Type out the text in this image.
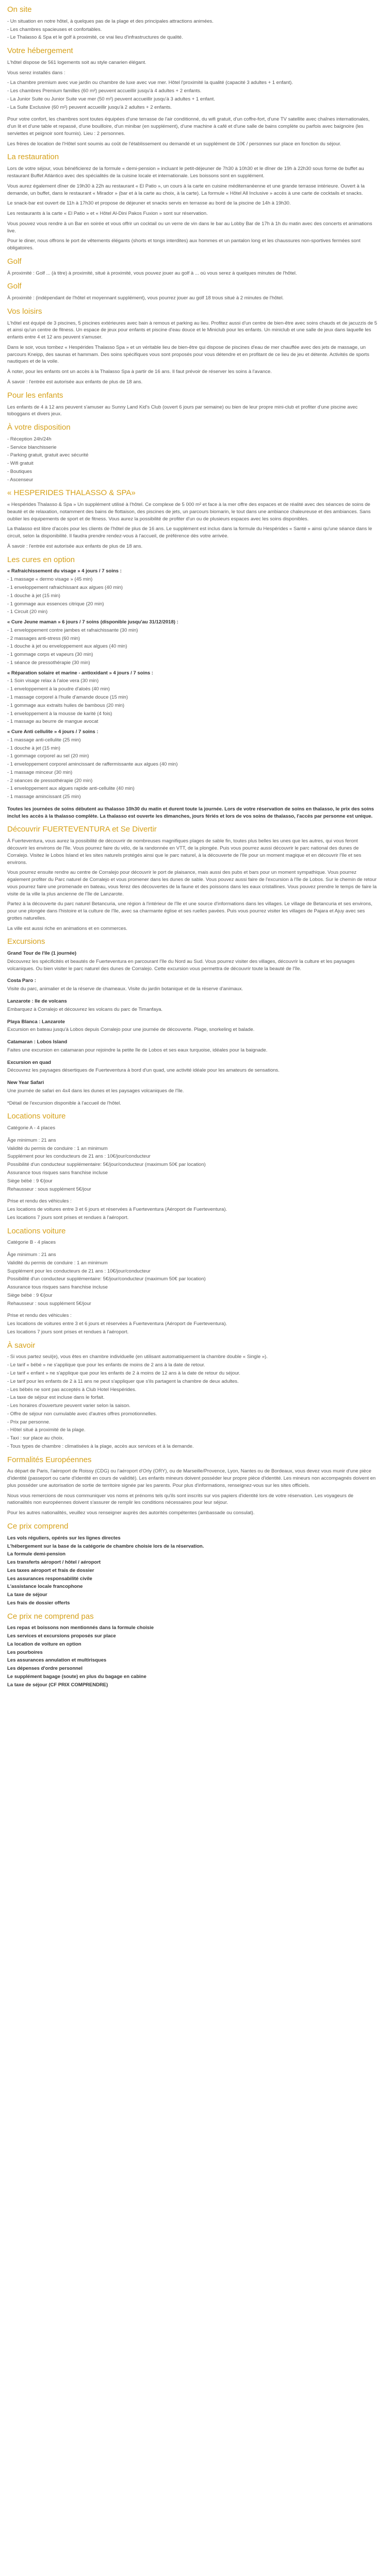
On site
- Un situation en notre hôtel, à quelques pas de la plage et des principales attractions animées.
- Les chambres spacieuses et confortables.
- Le Thalasso & Spa et le golf à proximité, ce vrai lieu d'infrastructures de qualité.
Votre hébergement

L'hôtel dispose de 561 logements soit au style canarien élégant.

Vous serez installés dans :

- La chambre premium avec vue jardin ou chambre de luxe avec vue mer. Hôtel l'proximité la qualité (capacité 3 adultes + 1 enfant).
- Les chambres Premium familles (60 m²) peuvent accueillir jusqu'à 4 adultes + 2 enfants.
- La Junior Suite ou Junior Suite vue mer (50 m²) peuvent accueillir jusqu'à 3 adultes + 1 enfant.
- La Suite Exclusive (60 m²) peuvent accueillir jusqu'à 2 adultes + 2 enfants.

Pour votre confort, les chambres sont toutes équipées d'une terrasse de l'air conditionné, du wifi gratuit, d'un coffre-fort, d'une TV satellite avec chaînes internationales, d'un lit et d'une table et repassé, d'une bouilloire, d'un minibar (en supplément), d'une machine à café et d'une salle de bains complète ou parfois avec baignoire (les serviettes et peignoir sont fournis). Lieu : 2 personnes.

Les frères de location de l'Hôtel sont soumis au coût de l'établissement ou demandé et un supplément de 10€ / personnes sur place en fonction du séjour.

La restauration

Lors de votre séjour, vous bénéficierez de la formule « demi-pension » incluant le petit-déjeuner de 7h30 à 10h30 et le dîner de 19h à 22h30 sous forme de buffet au restaurant Buffet Atlántico avec des spécialités de la cuisine locale et internationale. Les boissons sont en supplément.

Vous aurez également dîner de 19h30 à 22h au restaurant « El Patio », un cours à la carte en cuisine méditerranéenne et une grande terrasse intérieure. Ouvert à la demande, un buffet, dans le restaurant « Mirador » (bar et à la carte au choix, à la carte). La formule « Hôtel All Inclusive » accès à une carte de cocktails et snacks.

Le snack-bar est ouvert de 11h à 17h30 et propose de déjeuner et snacks servis en terrasse au bord de la piscine de 14h à 19h30.

Les restaurants à la carte « El Patio » et « Hôtel Al-Dini Pakos Fuxion » sont sur réservation.

Vous pouvez vous rendre à un Bar en soirée et vous offrir un cocktail ou un verre de vin dans le bar au Lobby Bar de 17h à 1h du matin avec des concerts et animations live.

Pour le diner, nous offrons le port de vêtements élégants (shorts et tongs interdites) aux hommes et un pantalon long et les chaussures non-sportives fermées sont obligatoires.

Golf

À proximité : Golf ... (à titre) à proximité, situé à proximité, vous pouvez jouer au golf à ... où vous serez à quelques minutes de l'hôtel.

Golf

À proximité : (indépendant de l'hôtel et moyennant supplément), vous pourrez jouer au golf 18 trous situé à 2 minutes de l'hôtel.

Vos loisirs

L'hôtel est équipé de 3 piscines, 5 piscines extérieures avec bain à remous et parking au lieu. Profitez aussi d'un centre de bien-être avec soins chauds et de jacuzzis de 5 et ainsi qu'un centre de fitness. Un espace de jeux pour enfants et piscine d'eau douce et le Miniclub pour les enfants. Un miniclub et une salle de jeux dans laquelle les enfants entre 4 et 12 ans peuvent s'amuser.

Dans le soir, vous tombez « Hespérides Thalasso Spa » et un véritable lieu de bien-être qui dispose de piscines d'eau de mer chauffée avec des jets de massage, un parcours Kneipp, des saunas et hammam. Des soins spécifiques vous sont proposés pour vous détendre et en profitant de ce lieu de jeu et détente. Activités de sports nautiques et de la voile.

À noter, pour les enfants ont un accès à la Thalasso Spa à partir de 16 ans. Il faut prévoir de réserver les soins à l'avance.

À savoir : l'entrée est autorisée aux enfants de plus de 18 ans.

Pour les enfants

Les enfants de 4 à 12 ans peuvent s'amuser au Sunny Land Kid's Club (ouvert 6 jours par semaine) ou bien de leur propre mini-club et profiter d'une piscine avec toboggans et divers jeux.

À votre disposition
- Réception 24h/24h
- Service blanchisserie
- Parking gratuit, gratuit avec sécurité
- Wifi gratuit
- Boutiques
- Ascenseur
« HESPERIDES THALASSO & SPA»

« Hespérides Thalasso & Spa » Un supplément utilisé à l'hôtel. Ce complexe de 5 000 m² et face à la mer offre des espaces et de réalité avec des séances de soins de beauté et de relaxation, notamment des bains de flottaison, des piscines de jets, un parcours biomarin, le tout dans une ambiance chaleureuse et des ambiances. Sans oublier les équipements de sport et de fitness. Vous aurez la possibilité de profiter d'un ou de plusieurs espaces avec les soins disponibles.

La thalasso est libre d'accès pour les clients de l'hôtel de plus de 16 ans. Le supplément est inclus dans la formule du Hespérides « Santé » ainsi qu'une séance dans le circuit, selon la disponibilité. Il faudra prendre rendez-vous à l'accueil, de préférence dès votre arrivée.

À savoir : l'entrée est autorisée aux enfants de plus de 18 ans.

Les cures en option
« Rafraichissement du visage » 4 jours / 7 soins :
- 1 massage « dermo visage » (45 min)
- 1 enveloppement rafraichissant aux algues (40 min)
- 1 douche à jet (15 min)
- 1 gommage aux essences citrique (20 min)
- 1 Circuit (20 min)
« Cure Jeune maman » 6 jours / 7 soins (disponible jusqu'au 31/12/2018) :
- 1 enveloppement contre jambes et rafraichissante (30 min)
- 2 massages anti-stress (60 min)
- 1 douche à jet ou enveloppement aux algues (40 min)
- 1 gommage corps et vapeurs (30 min)
- 1 séance de pressothérapie (30 min)
« Réparation solaire et marine - antioxidant » 4 jours / 7 soins :
- 1 Soin visage relax à l'aloe vera (30 min)
- 1 enveloppement à la poudre d'aloès (40 min)
- 1 massage corporel à l'huile d'amande douce (15 min)
- 1 gommage aux extraits huiles de bambous (20 min)
- 1 enveloppement à la mousse de karité (4 fois)
- 1 massage au beurre de mangue avocat
« Cure Anti cellulite » 4 jours / 7 soins :
- 1 massage anti-cellulite (25 min)
- 1 douche à jet (15 min)
- 1 gommage corporel au sel (20 min)
- 1 enveloppement corporel amincissant de raffermissante aux algues (40 min)
- 1 massage minceur (30 min)
- 2 séances de pressothérapie (20 min)
- 1 enveloppement aux algues rapide anti-cellulite (40 min)
- 1 massage amincissant (25 min)

Toutes les journées de soins débutent au thalasso 10h30 du matin et durent toute la journée. Lors de votre réservation de soins en thalasso, le prix des soins inclut les accès à la thalasso complète. La thalasso est ouverte les dimanches, jours fériés et lors de vos soins de thalasso, l'accès par personne est unique.

Découvrir FUERTEVENTURA et Se Divertir

À Fuerteventura, vous aurez la possibilité de découvrir de nombreuses magnifiques plages de sable fin, toutes plus belles les unes que les autres, qui vous feront découvrir les environs de l'île. Vous pourrez faire du vélo, de la randonnée en VTT, de la plongée. Puis vous pourrez aussi découvrir le parc national des dunes de Corralejo. Visitez le Lobos Island et les sites naturels protégés ainsi que le parc naturel, à la découverte de l'île pour un moment magique et en découvrir l'île et ses environs.

Vous pourrez ensuite rendre au centre de Corralejo pour découvrir le port de plaisance, mais aussi des pubs et bars pour un moment sympathique. Vous pourrez également profiter du Parc naturel de Corralejo et vous promener dans les dunes de sable. Vous pouvez aussi faire de l'excursion à l'île de Lobos. Sur le chemin de retour vous pourrez faire une promenade en bateau, vous ferez des découvertes de la faune et des poissons dans les eaux cristallines. Vous pouvez prendre le temps de faire la visite de la ville la plus ancienne de l'île de Lanzarote.

Partez à la découverte du parc naturel Betancuria, une région à l'intérieur de l'île et une source d'informations dans les villages. Le village de Betancuria et ses environs, pour une plongée dans l'histoire et la culture de l'île, avec sa charmante église et ses ruelles pavées. Puis vous pourrez visiter les villages de Pajara et Ajuy avec ses grottes naturelles.

La ville est aussi riche en animations et en commerces.

Excursions
Grand Tour de l'île (1 journée)
Découvrez les spécificités et beautés de Fuerteventura en parcourant l'île du Nord au Sud. Vous pourrez visiter des villages, découvrir la culture et les paysages volcaniques. Ou bien visiter le parc naturel des dunes de Corralejo. Cette excursion vous permettra de découvrir toute la beauté de l'île.
Costa Paro :
Visite du parc, animalier et de la réserve de chameaux. Visite du jardin botanique et de la réserve d'animaux.
Lanzarote : Ile de volcans
Embarquez à Corralejo et découvrez les volcans du parc de Timanfaya.
Playa Blanca : Lanzarote
Excursion en bateau jusqu'à Lobos depuis Corralejo pour une journée de découverte. Plage, snorkeling et balade.
Catamaran : Lobos Island
Faites une excursion en catamaran pour rejoindre la petite île de Lobos et ses eaux turquoise, idéales pour la baignade.
Excursion en quad
Découvrez les paysages désertiques de Fuerteventura à bord d'un quad, une activité idéale pour les amateurs de sensations.
New Year Safari
Une journée de safari en 4x4 dans les dunes et les paysages volcaniques de l'île.
*Détail de l'excursion disponible à l'accueil de l'hôtel.
Locations voiture
Catégorie A - 4 places
Âge minimum : 21 ans
Validité du permis de conduire : 1 an minimum
Supplément pour les conducteurs de 21 ans : 10€/jour/conducteur
Possibilité d'un conducteur supplémentaire: 5€/jour/conducteur (maximum 50€ par location)
Assurance tous risques sans franchise incluse
Siège bébé : 9 €/jour
Rehausseur : sous supplément 5€/jour
Prise et rendu des véhicules :
Les locations de voitures entre 3 et 6 jours et réservées à Fuerteventura (Aéroport de Fuerteventura).
Les locations 7 jours sont prises et rendues à l'aéroport.
Locations voiture
Catégorie B - 4 places
Âge minimum : 21 ans
Validité du permis de conduire : 1 an minimum
Supplément pour les conducteurs de 21 ans : 10€/jour/conducteur
Possibilité d'un conducteur supplémentaire: 5€/jour/conducteur (maximum 50€ par location)
Assurance tous risques sans franchise incluse
Siège bébé : 9 €/jour
Rehausseur : sous supplément 5€/jour
Prise et rendu des véhicules :
Les locations de voitures entre 3 et 6 jours et réservées à Fuerteventura (Aéroport de Fuerteventura).
Les locations 7 jours sont prises et rendues à l'aéroport.
À savoir
- Si vous partez seul(e), vous êtes en chambre individuelle (en utilisant automatiquement la chambre double « Single »).
- Le tarif « bébé » ne s'applique que pour les enfants de moins de 2 ans à la date de retour.
- Le tarif « enfant » ne s'applique que pour les enfants de 2 à moins de 12 ans à la date de retour du séjour.
- Le tarif pour les enfants de 2 à 11 ans ne peut s'appliquer que s'ils partagent la chambre de deux adultes.
- Les bébés ne sont pas acceptés à Club Hotel Hespérides.
- La taxe de séjour est incluse dans le forfait.
- Les horaires d'ouverture peuvent varier selon la saison.
- Offre de séjour non cumulable avec d'autres offres promotionnelles.
- Prix par personne.
- Hôtel situé à proximité de la plage.
- Taxi : sur place au choix.
- Tous types de chambre : climatisées à la plage, accès aux services et à la demande.
Formalités Européennes

Au départ de Paris, l'aéroport de Roissy (CDG) ou l'aéroport d'Orly (ORY), ou de Marseille/Provence, Lyon, Nantes ou de Bordeaux, vous devez vous munir d'une pièce d'identité (passeport ou carte d'identité en cours de validité). Les enfants mineurs doivent posséder leur propre pièce d'identité. Les mineurs non accompagnés doivent en plus posséder une autorisation de sortie de territoire signée par les parents. Pour plus d'informations, renseignez-vous sur les sites officiels.

Nous vous remercions de nous communiquer vos noms et prénoms tels qu'ils sont inscrits sur vos papiers d'identité lors de votre réservation. Les voyageurs de nationalités non européennes doivent s'assurer de remplir les conditions nécessaires pour leur séjour.

Pour les autres nationalités, veuillez vous renseigner auprès des autorités compétentes (ambassade ou consulat).

Ce prix comprend
Les vols réguliers, opérés sur les lignes directes
L'hébergement sur la base de la catégorie de chambre choisie lors de la réservation.
La formule demi-pension
Les transferts aéroport / hôtel / aéroport
Les taxes aéroport et frais de dossier
Les assurances responsabilité civile
L'assistance locale francophone
La taxe de séjour
Les frais de dossier offerts
Ce prix ne comprend pas
Les repas et boissons non mentionnés dans la formule choisie
Les services et excursions proposés sur place
La location de voiture en option
Les pourboires
Les assurances annulation et multirisques
Les dépenses d'ordre personnel
Le supplément bagage (soute) en plus du bagage en cabine
La taxe de séjour (CF PRIX COMPRENDRE)
